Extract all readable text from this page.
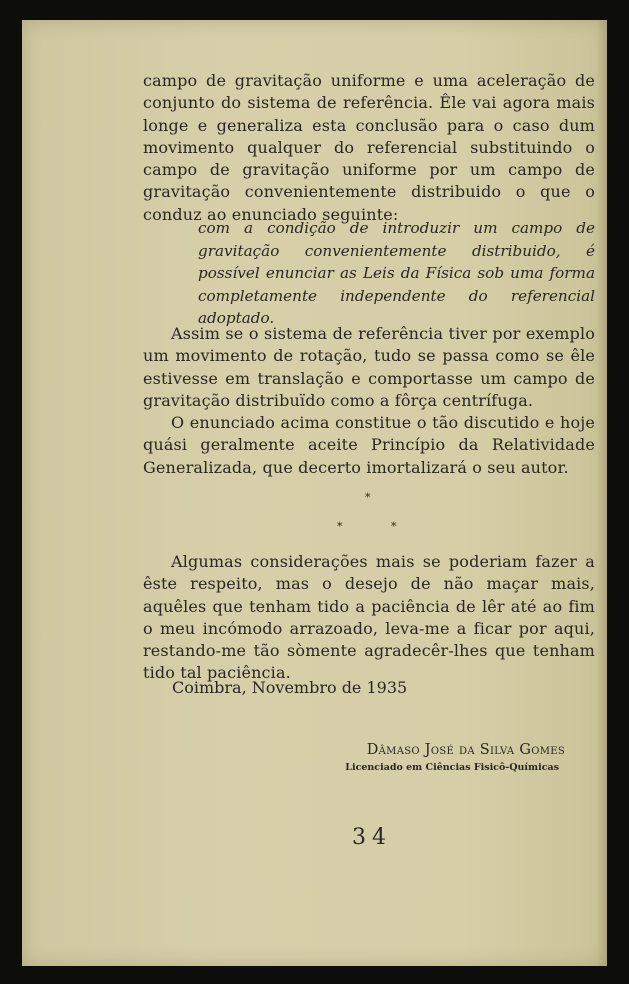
campo de gravitação uniforme e uma aceleração de conjunto do sistema de referência. Êle vai agora mais longe e generaliza esta conclusão para o caso dum movimento qualquer do referencial substituindo o campo de gravitação uniforme por um campo de gravitação convenientemente distribuido o que o conduz ao enunciado seguinte:
com a condição de introduzir um campo de gravitação convenientemente distribuido, é possível enunciar as Leis da Física sob uma forma completamente independente do referencial adoptado.
Assim se o sistema de referência tiver por exemplo um movimento de rotação, tudo se passa como se êle estivesse em translação e comportasse um campo de gravitação distribuïdo como a fôrça centrífuga.
O enunciado acima constitue o tão discutido e hoje quási geralmente aceite Princípio da Relatividade Generalizada, que decerto imortalizará o seu autor.
*
*	*
Algumas considerações mais se poderiam fazer a êste respeito, mas o desejo de não maçar mais, aquêles que tenham tido a paciência de lêr até ao fim o meu incómodo arrazoado, leva-me a ficar por aqui, restando-me tão sòmente agradecêr-lhes que tenham tido tal paciência.
Coimbra, Novembro de 1935
Dâmaso José da Silva Gomes
Licenciado em Ciências Fisicô-Químicas
34
